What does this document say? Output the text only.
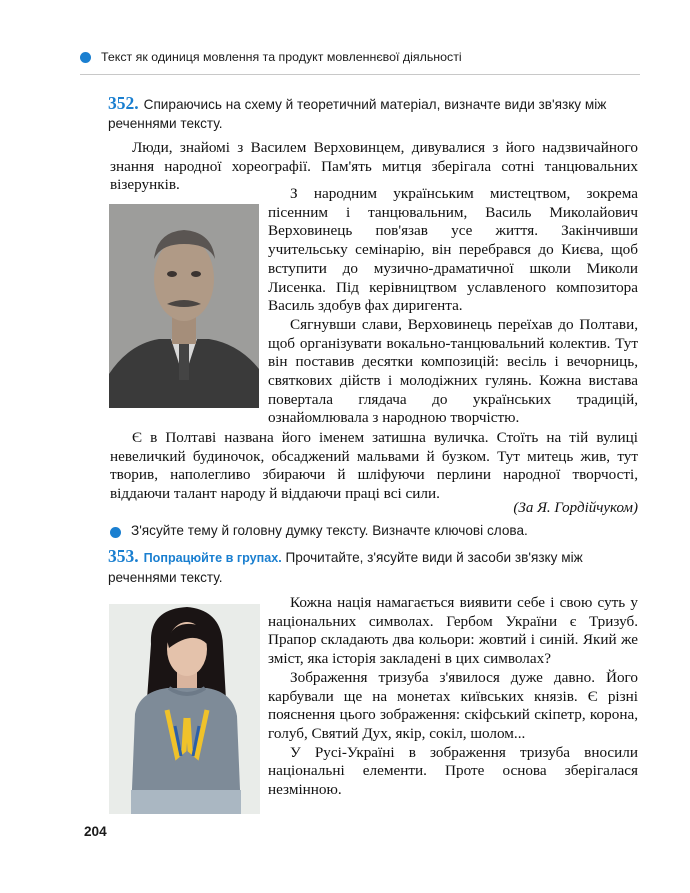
Текст як одиниця мовлення та продукт мовленнєвої діяльності
352. Спираючись на схему й теоретичний матеріал, визначте види зв'язку між
реченнями тексту.

Люди, знайомі з Василем Верховинцем, дивувалися з його надзвичайного знання народної хореографії. Пам'ять митця зберігала сотні танцювальних візерунків.

З народним українським мистецтвом, зокрема пісенним і танцювальним, Василь Миколайович Верховинець пов'язав усе життя. Закінчивши учительську семінарію, він перебрався до Києва, щоб вступити до музично-драматичної школи Миколи Лисенка. Під керівництвом уславленого композитора Василь здобув фах диригента.

Сягнувши слави, Верховинець переїхав до Полтави, щоб організувати вокально-танцювальний колектив. Тут він поставив десятки композицій: весіль і вечорниць, святкових дійств і молодіжних гулянь. Кожна вистава повертала глядача до українських традицій, ознайомлювала з народною творчістю.

Є в Полтаві названа його іменем затишна вуличка. Стоїть на тій вулиці невеличкий будиночок, обсаджений мальвами й бузком. Тут митець жив, тут творив, наполегливо збираючи й шліфуючи перлини народної творчості, віддаючи талант народу й віддаючи праці всі сили.

(За Я. Гордійчуком)
З'ясуйте тему й головну думку тексту. Визначте ключові слова.
353. Попрацюйте в групах. Прочитайте, з'ясуйте види й засоби зв'язку між
реченнями тексту.

Кожна нація намагається виявити себе і свою суть у національних символах. Гербом України є Тризуб. Прапор складають два кольори: жовтий і синій. Який же зміст, яка історія закладені в цих символах?

Зображення тризуба з'явилося дуже давно. Його карбували ще на монетах київських князів. Є різні пояснення цього зображення: скіфський скіпетр, корона, голуб, Святий Дух, якір, сокіл, шолом...

У Русі-Україні в зображення тризуба вносили національні елементи. Проте основа зберігалася незмінною.

204
